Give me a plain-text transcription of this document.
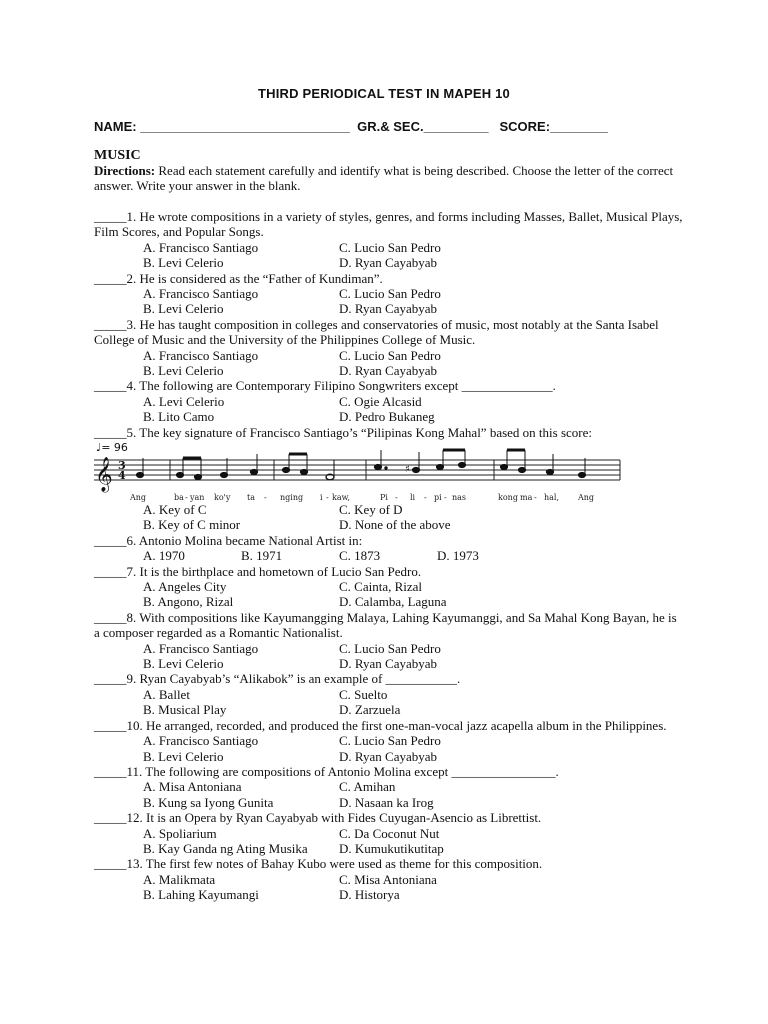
THIRD PERIODICAL TEST IN MAPEH 10
NAME: _____________________________  GR.& SEC._________   SCORE:________
MUSIC
Directions: Read each statement carefully and identify what is being described. Choose the letter of the correct answer. Write your answer in the blank.
_____1. He wrote compositions in a variety of styles, genres, and forms including Masses, Ballet, Musical Plays, Film Scores, and Popular Songs.
A. Francisco Santiago	C. Lucio San Pedro
B. Levi Celerio	D. Ryan Cayabyab
_____2. He is considered as the “Father of Kundiman”.
A. Francisco Santiago	C. Lucio San Pedro
B. Levi Celerio	D. Ryan Cayabyab
_____3. He has taught composition in colleges and conservatories of music, most notably at the Santa Isabel College of Music and the University of the Philippines College of Music.
A. Francisco Santiago	C. Lucio San Pedro
B. Levi Celerio	D. Ryan Cayabyab
_____4. The following are Contemporary Filipino Songwriters except ______________.
A. Levi Celerio	C. Ogie Alcasid
B. Lito Camo	D. Pedro Bukaneg
_____5. The key signature of Francisco Santiago’s “Pilipinas Kong Mahal” based on this score:
♩= 96
𝄞 3
4	♯
Ang	ba - yan ko'y ta - nging i - kaw,	Pi - li - pi - nas	kong ma - hal, Ang
A. Key of C	C. Key of D
B. Key of C minor	D. None of the above
_____6. Antonio Molina became National Artist in:
A. 1970	B. 1971	C. 1873	D. 1973
_____7. It is the birthplace and hometown of Lucio San Pedro.
A. Angeles City	C. Cainta, Rizal
B. Angono, Rizal	D. Calamba, Laguna
_____8. With compositions like Kayumangging Malaya, Lahing Kayumanggi, and Sa Mahal Kong Bayan, he is a composer regarded as a Romantic Nationalist.
A. Francisco Santiago	C. Lucio San Pedro
B. Levi Celerio	D. Ryan Cayabyab
_____9. Ryan Cayabyab’s “Alikabok” is an example of ___________.
A. Ballet	C. Suelto
B. Musical Play	D. Zarzuela
_____10. He arranged, recorded, and produced the first one-man-vocal jazz acapella album in the Philippines.
A. Francisco Santiago	C. Lucio San Pedro
B. Levi Celerio	D. Ryan Cayabyab
_____11. The following are compositions of Antonio Molina except ________________.
A. Misa Antoniana	C. Amihan
B. Kung sa Iyong Gunita	D. Nasaan ka Irog
_____12. It is an Opera by Ryan Cayabyab with Fides Cuyugan-Asencio as Librettist.
A. Spoliarium	C. Da Coconut Nut
B. Kay Ganda ng Ating Musika	D. Kumukutikutitap
_____13. The first few notes of Bahay Kubo were used as theme for this composition.
A. Malikmata	C. Misa Antoniana
B. Lahing Kayumangi	D. Historya
